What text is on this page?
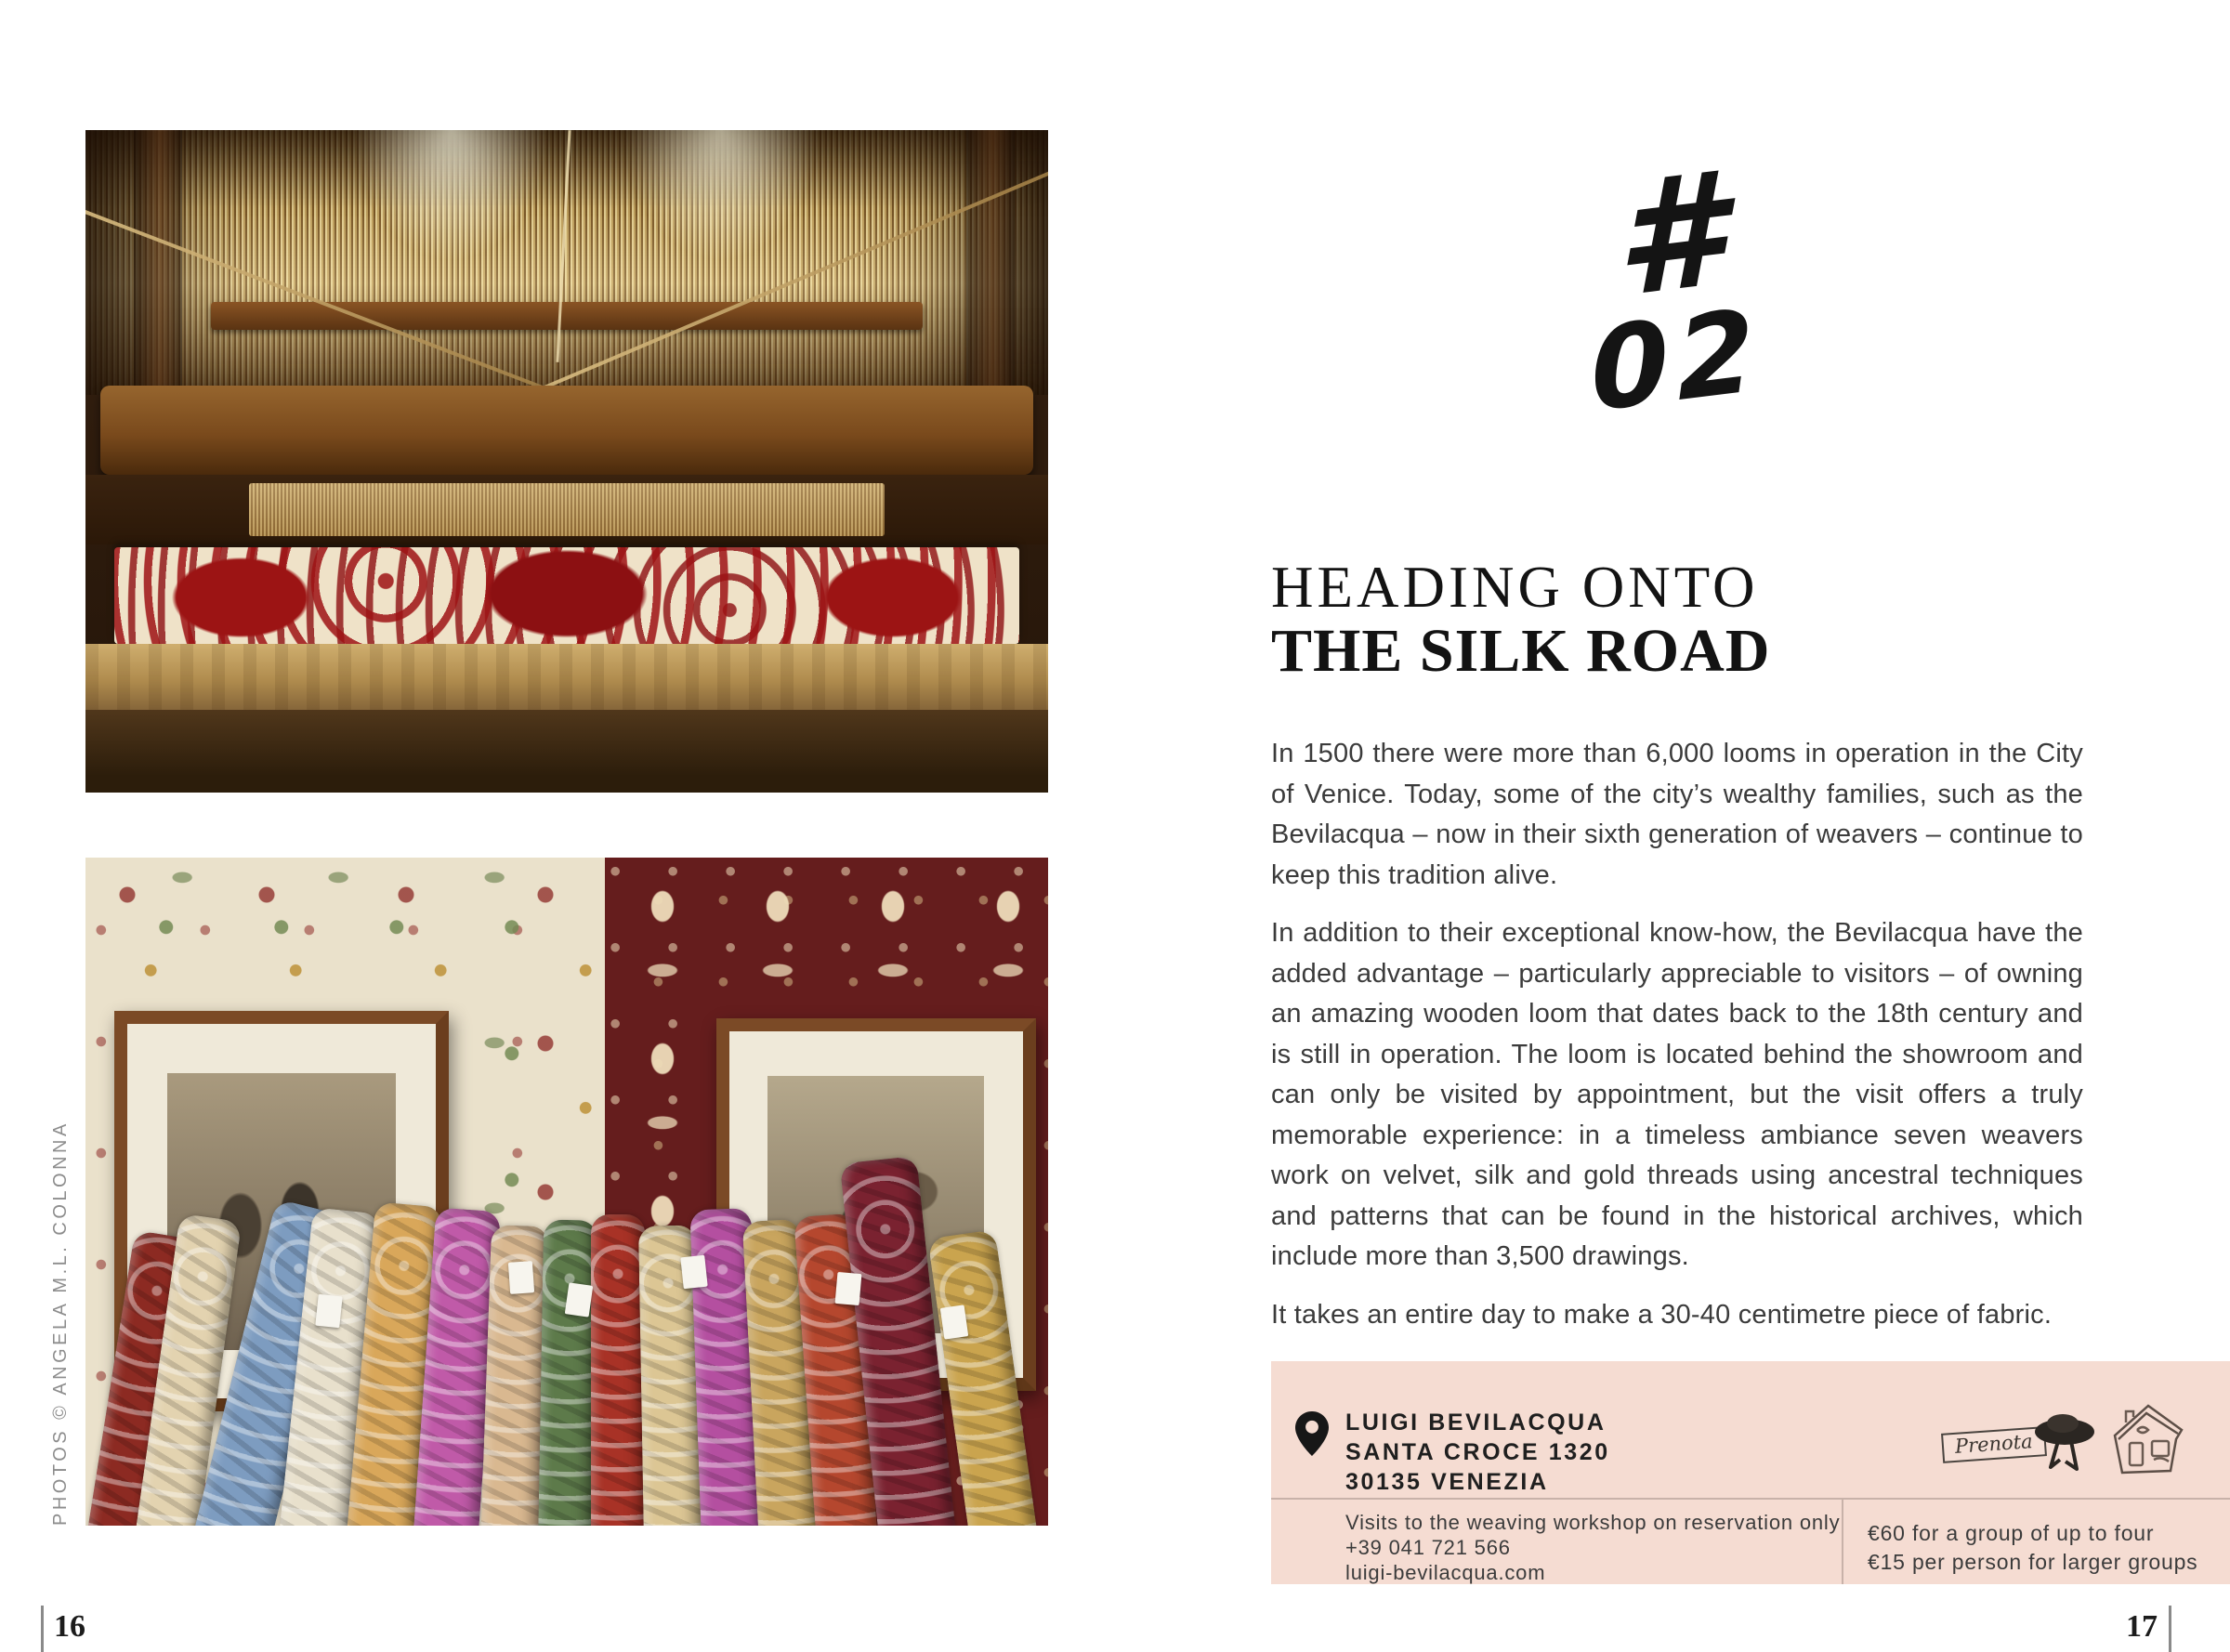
PHOTOS © ANGELA M.L. COLONNA
16
#
02
HEADING ONTO
THE SILK ROAD

In 1500 there were more than 6,000 looms in operation in the City of Venice. Today, some of the city’s wealthy families, such as the Bevilacqua – now in their sixth generation of weavers – continue to keep this tradition alive.

In addition to their exceptional know-how, the Bevilacqua have the added advantage – particularly appreciable to visitors – of owning an amazing wooden loom that dates back to the 18th century and is still in operation. The loom is located behind the showroom and can only be visited by appointment, but the visit offers a truly memorable experience: in a timeless ambiance seven weavers work on velvet, silk and gold threads using ancestral techniques and patterns that can be found in the historical archives, which include more than 3,500 drawings.

It takes an entire day to make a 30-40 centimetre piece of fabric.

LUIGI BEVILACQUA
SANTA CROCE 1320
30135 VENEZIA
Prenota
Visits to the weaving workshop on reservation only
+39 041 721 566
luigi-bevilacqua.com
€60 for a group of up to four
€15 per person for larger groups
17
